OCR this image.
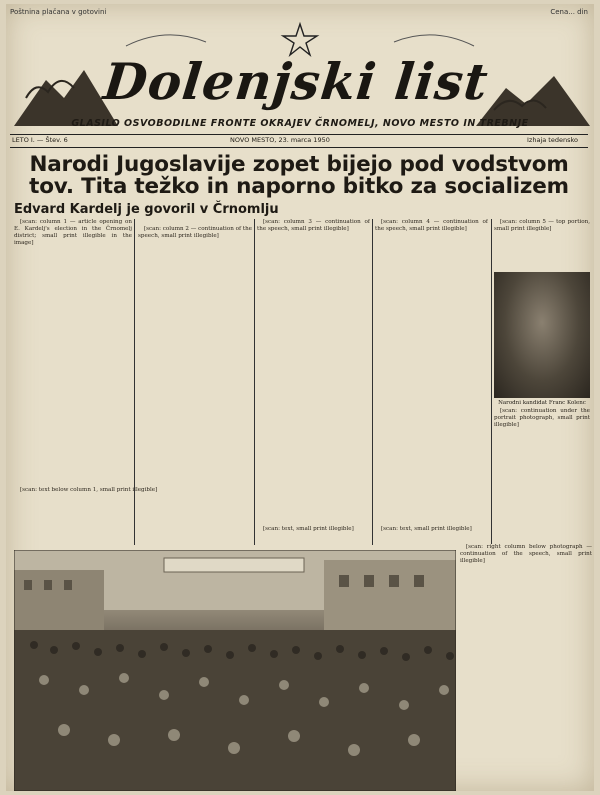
Poštnina plačana v gotovini	Cena... din
Dolenjski list
GLASILO OSVOBODILNE FRONTE OKRAJEV ČRNOMELJ, NOVO MESTO IN TREBNJE
LETO I. — Štev. 6	NOVO MESTO, 23. marca 1950	Izhaja tedensko
Narodi Jugoslavije zopet bijejo pod vodstvom
tov. Tita težko in naporno bitko za socializem
Edvard Kardelj je govoril v Črnomlju

[scan: column 1 — article opening on E. Kardelj's election in the Črnomelj district; small print illegible in the image]

[scan: column 2 — continuation of the speech, small print illegible]

[scan: column 3 — continuation of the speech, small print illegible]

[scan: column 4 — continuation of the speech, small print illegible]

[scan: column 5 — top portion, small print illegible]

Narodni kandidat Franc Kolenc

[scan: continuation under the portrait photograph, small print illegible]

[scan: text below column 1, small print illegible]

[scan: text, small print illegible]	[scan: text, small print illegible]

[scan: right column below photograph — continuation of the speech, small print illegible]
